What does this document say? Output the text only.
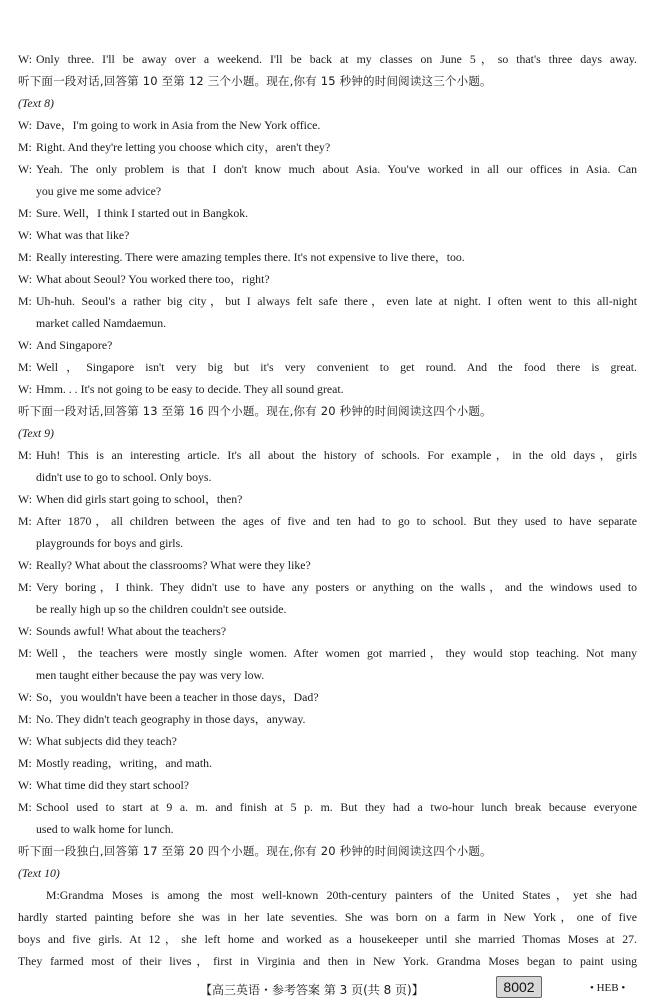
W: Only three. I'll be away over a weekend. I'll be back at my classes on June 5，so that's three days away.
听下面一段对话,回答第 10 至第 12 三个小题。现在,你有 15 秒钟的时间阅读这三个小题。
(Text 8)
W: Dave，I'm going to work in Asia from the New York office.
M: Right. And they're letting you choose which city，aren't they?
W: Yeah. The only problem is that I don't know much about Asia. You've worked in all our offices in Asia. Can
you give me some advice?
M: Sure. Well，I think I started out in Bangkok.
W: What was that like?
M: Really interesting. There were amazing temples there. It's not expensive to live there，too.
W: What about Seoul? You worked there too，right?
M: Uh-huh. Seoul's a rather big city，but I always felt safe there，even late at night. I often went to this all-night
market called Namdaemun.
W: And Singapore?
M: Well，Singapore isn't very big but it's very convenient to get round. And the food there is great.
W: Hmm. . . It's not going to be easy to decide. They all sound great.
听下面一段对话,回答第 13 至第 16 四个小题。现在,你有 20 秒钟的时间阅读这四个小题。
(Text 9)
M: Huh! This is an interesting article. It's all about the history of schools. For example，in the old days，girls
didn't use to go to school. Only boys.
W: When did girls start going to school，then?
M: After 1870，all children between the ages of five and ten had to go to school. But they used to have separate
playgrounds for boys and girls.
W: Really? What about the classrooms? What were they like?
M: Very boring，I think. They didn't use to have any posters or anything on the walls，and the windows used to
be really high up so the children couldn't see outside.
W: Sounds awful! What about the teachers?
M: Well，the teachers were mostly single women. After women got married，they would stop teaching. Not many
men taught either because the pay was very low.
W: So，you wouldn't have been a teacher in those days，Dad?
M: No. They didn't teach geography in those days，anyway.
W: What subjects did they teach?
M: Mostly reading，writing，and math.
W: What time did they start school?
M: School used to start at 9 a. m. and finish at 5 p. m. But they had a two-hour lunch break because everyone
used to walk home for lunch.
听下面一段独白,回答第 17 至第 20 四个小题。现在,你有 20 秒钟的时间阅读这四个小题。
(Text 10)
M:Grandma Moses is among the most well-known 20th-century painters of the United States，yet she had
hardly started painting before she was in her late seventies. She was born on a farm in New York，one of five
boys and five girls. At 12，she left home and worked as a housekeeper until she married Thomas Moses at 27.
They farmed most of their lives，first in Virginia and then in New York. Grandma Moses began to paint using
【高三英语・参考答案 第 3 页(共 8 页)】	8002	• HEB •
